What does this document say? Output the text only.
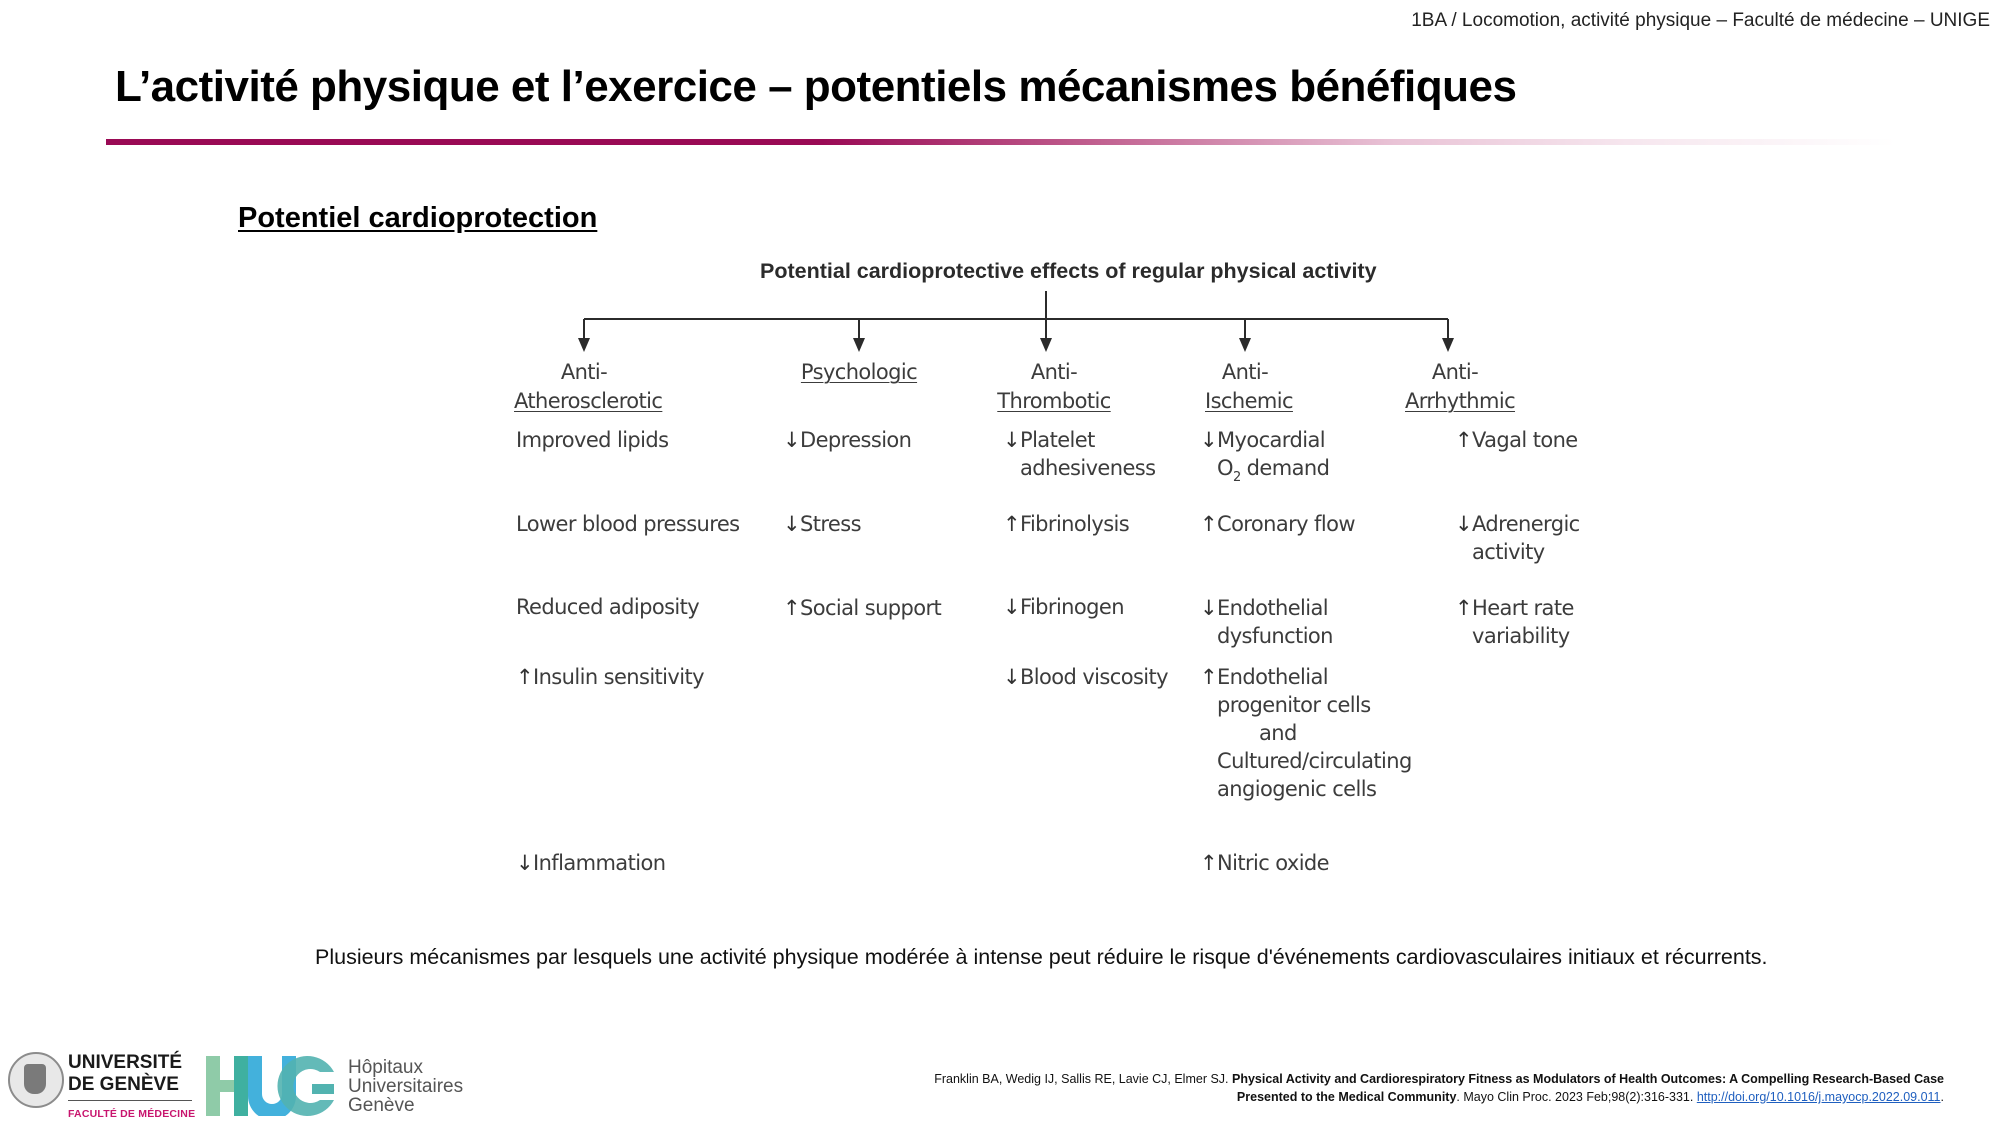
1BA / Locomotion, activité physique – Faculté de médecine – UNIGE
L’activité physique et l’exercice – potentiels mécanismes bénéfiques
Potentiel cardioprotection
Potential cardioprotective effects of regular physical activity
Anti-
Atherosclerotic
Improved lipids
Lower blood pressures
Reduced adiposity
↑Insulin sensitivity
↓Inflammation
Psychologic
↓Depression
↓Stress
↑Social support
Anti-
Thrombotic
↓Platelet
adhesiveness
↑Fibrinolysis
↓Fibrinogen
↓Blood viscosity
Anti-
Ischemic
↓Myocardial
$O_2$ demand
↑Coronary flow
↓Endothelial
dysfunction
↑Endothelial
progenitor cells
and
Cultured/circulating
angiogenic cells
↑Nitric oxide
Anti-
Arrhythmic
↑Vagal tone
↓Adrenergic
activity
↑Heart rate
variability
Plusieurs mécanismes par lesquels une activité physique modérée à intense peut réduire le risque d'événements cardiovasculaires initiaux et récurrents.
UNIVERSITÉ
DE GENÈVE
FACULTÉ DE MÉDECINE
Hôpitaux
Universitaires
Genève
Franklin BA, Wedig IJ, Sallis RE, Lavie CJ, Elmer SJ. Physical Activity and Cardiorespiratory Fitness as Modulators of Health Outcomes: A Compelling Research-Based Case Presented to the Medical Community. Mayo Clin Proc. 2023 Feb;98(2):316-331. http://doi.org/10.1016/j.mayocp.2022.09.011.
